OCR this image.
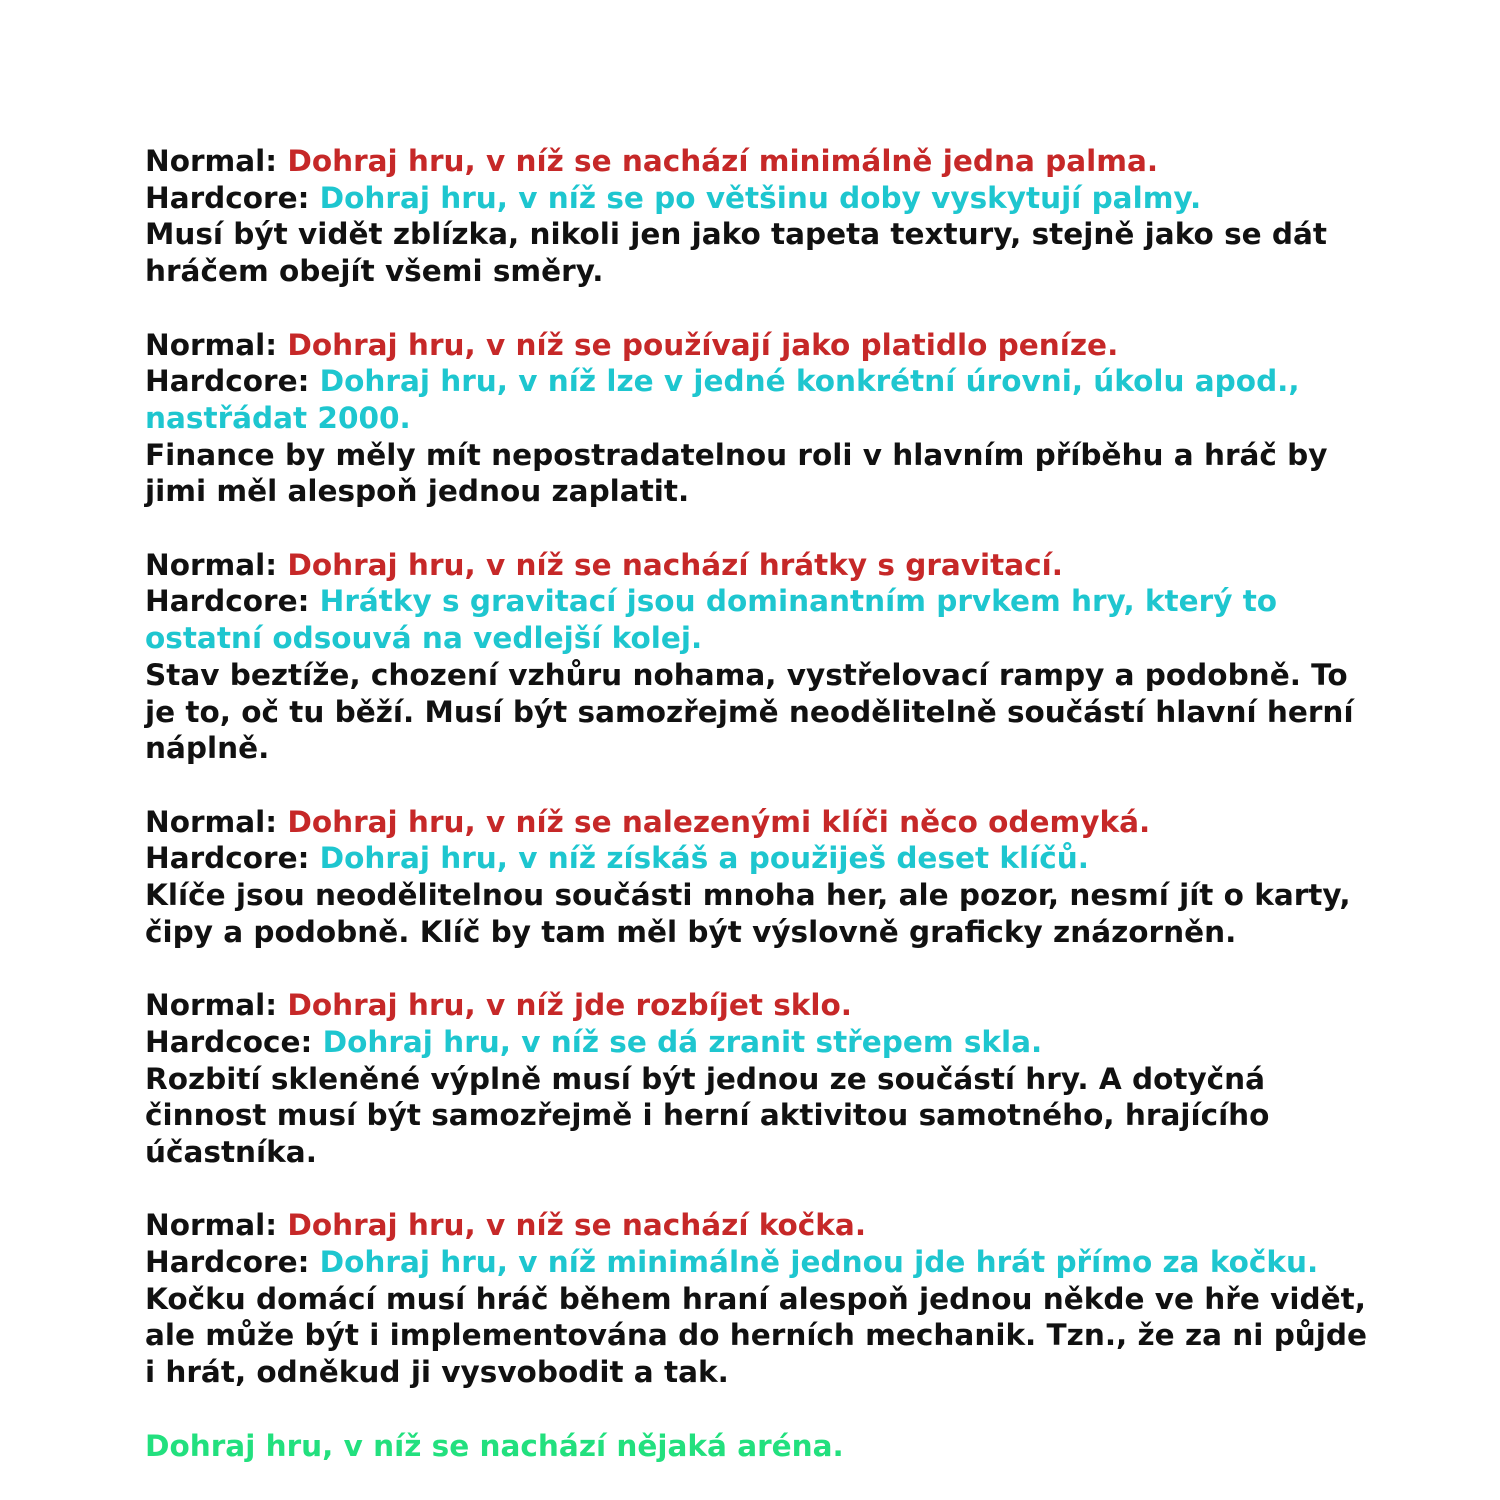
Normal: Dohraj hru, v níž se nachází minimálně jedna palma.
Hardcore: Dohraj hru, v níž se po většinu doby vyskytují palmy.
Musí být vidět zblízka, nikoli jen jako tapeta textury, stejně jako se dát hráčem obejít všemi směry.
Normal: Dohraj hru, v níž se používají jako platidlo peníze.
Hardcore: Dohraj hru, v níž lze v jedné konkrétní úrovni, úkolu apod., nastřádat 2000.
Finance by měly mít nepostradatelnou roli v hlavním příběhu a hráč by jimi měl alespoň jednou zaplatit.
Normal: Dohraj hru, v níž se nachází hrátky s gravitací.
Hardcore: Hrátky s gravitací jsou dominantním prvkem hry, který to ostatní odsouvá na vedlejší kolej.
Stav beztíže, chození vzhůru nohama, vystřelovací rampy a podobně. To je to, oč tu běží. Musí být samozřejmě neodělitelně součástí hlavní herní náplně.
Normal: Dohraj hru, v níž se nalezenými klíči něco odemyká.
Hardcore: Dohraj hru, v níž získáš a použiješ deset klíčů.
Klíče jsou neodělitelnou součásti mnoha her, ale pozor, nesmí jít o karty, čipy a podobně. Klíč by tam měl být výslovně graficky znázorněn.
Normal: Dohraj hru, v níž jde rozbíjet sklo.
Hardcoce: Dohraj hru, v níž se dá zranit střepem skla.
Rozbití skleněné výplně musí být jednou ze součástí hry. A dotyčná činnost musí být samozřejmě i herní aktivitou samotného, hrajícího účastníka.
Normal: Dohraj hru, v níž se nachází kočka.
Hardcore: Dohraj hru, v níž minimálně jednou jde hrát přímo za kočku.
Kočku domácí musí hráč během hraní alespoň jednou někde ve hře vidět, ale může být i implementována do herních mechanik. Tzn., že za ni půjde i hrát, odněkud ji vysvobodit a tak.
Dohraj hru, v níž se nachází nějaká aréna.
